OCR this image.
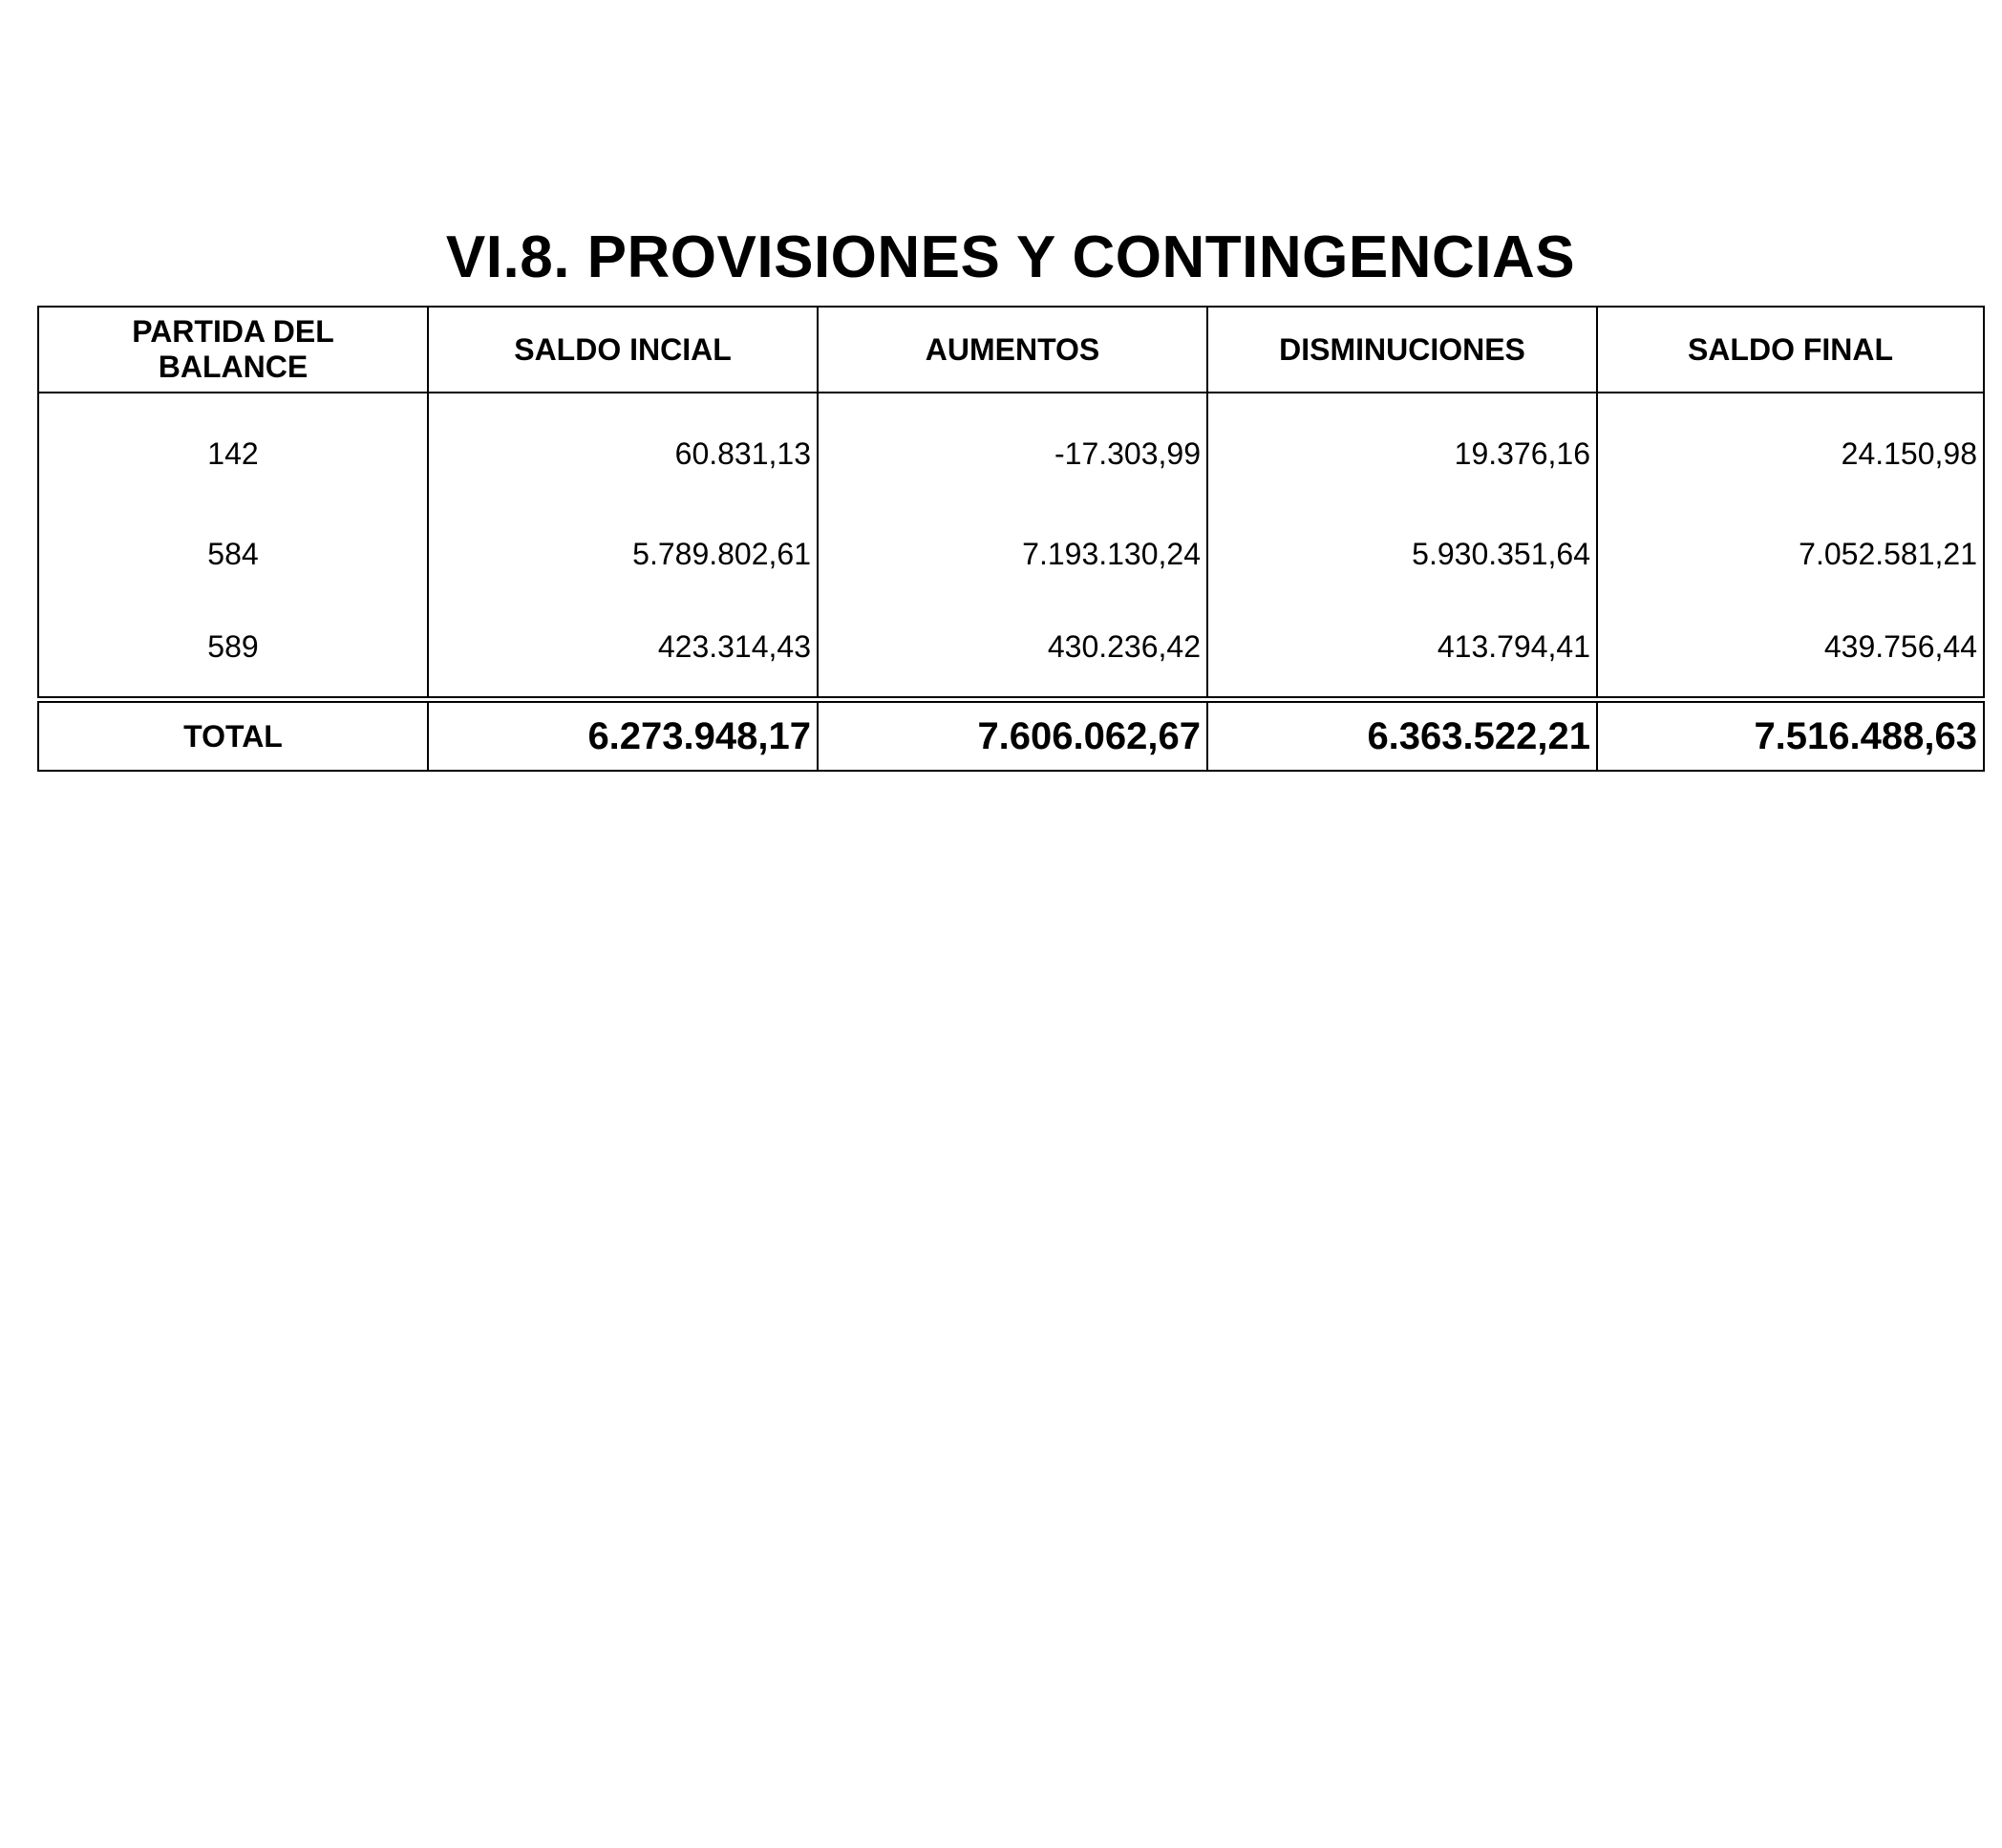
VI.8. PROVISIONES Y CONTINGENCIAS
PARTIDA DEL BALANCE	SALDO INCIAL	AUMENTOS	DISMINUCIONES	SALDO FINAL
142	60.831,13	-17.303,99	19.376,16	24.150,98
584	5.789.802,61	7.193.130,24	5.930.351,64	7.052.581,21
589	423.314,43	430.236,42	413.794,41	439.756,44
TOTAL	6.273.948,17	7.606.062,67	6.363.522,21	7.516.488,63
